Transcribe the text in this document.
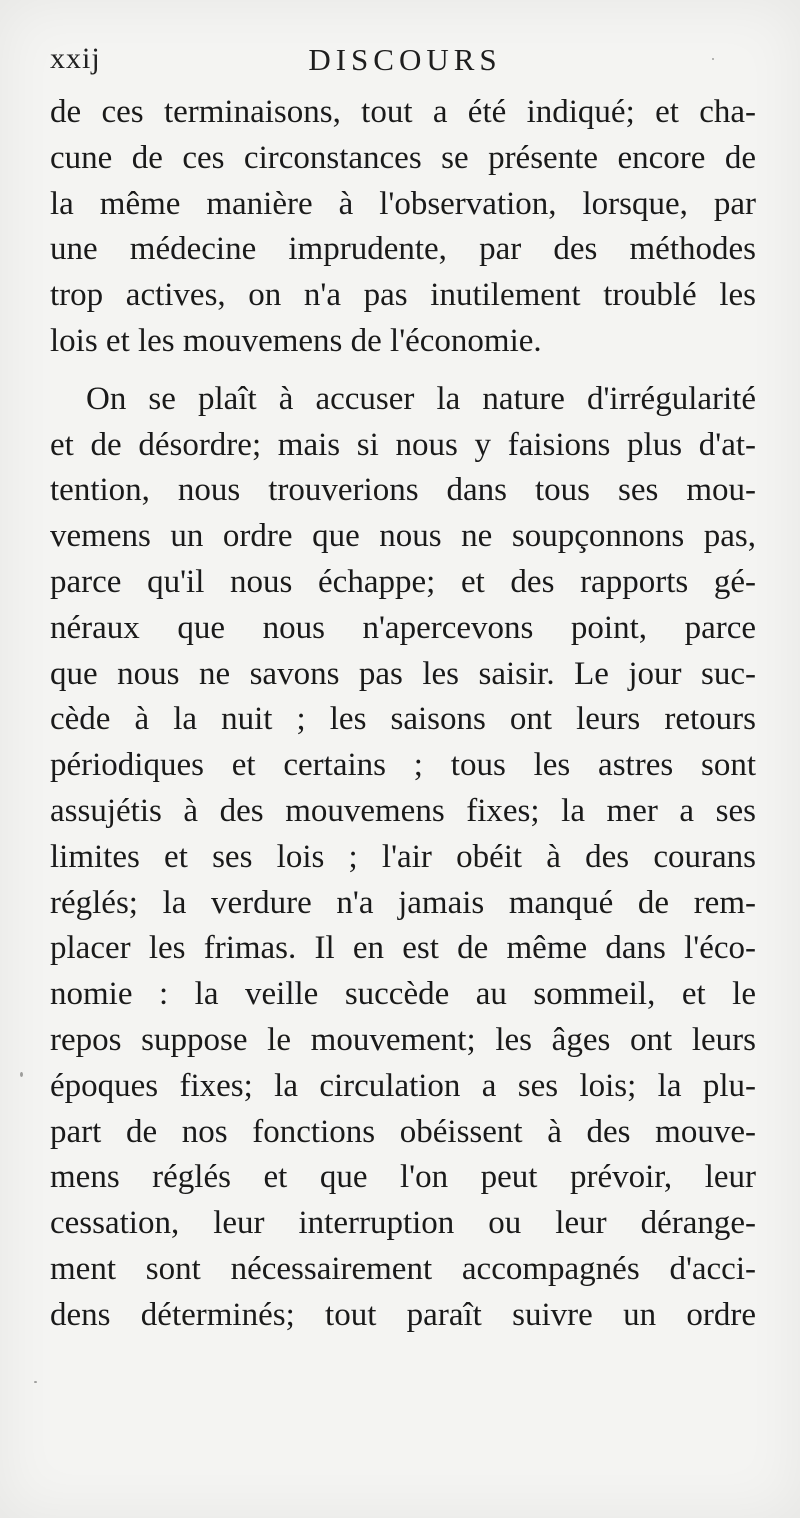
xxij	DISCOURS
de ces terminaisons, tout a été indiqué; et cha-
cune de ces circonstances se présente encore de
la même manière à l'observation, lorsque, par
une médecine imprudente, par des méthodes
trop actives, on n'a pas inutilement troublé les
lois et les mouvemens de l'économie.
On se plaît à accuser la nature d'irrégularité
et de désordre; mais si nous y faisions plus d'at-
tention, nous trouverions dans tous ses mou-
vemens un ordre que nous ne soupçonnons pas,
parce qu'il nous échappe; et des rapports gé-
néraux que nous n'apercevons point, parce
que nous ne savons pas les saisir. Le jour suc-
cède à la nuit ; les saisons ont leurs retours
périodiques et certains ; tous les astres sont
assujétis à des mouvemens fixes; la mer a ses
limites et ses lois ; l'air obéit à des courans
réglés; la verdure n'a jamais manqué de rem-
placer les frimas. Il en est de même dans l'éco-
nomie : la veille succède au sommeil, et le
repos suppose le mouvement; les âges ont leurs
époques fixes; la circulation a ses lois; la plu-
part de nos fonctions obéissent à des mouve-
mens réglés et que l'on peut prévoir, leur
cessation, leur interruption ou leur dérange-
ment sont nécessairement accompagnés d'acci-
dens déterminés; tout paraît suivre un ordre
